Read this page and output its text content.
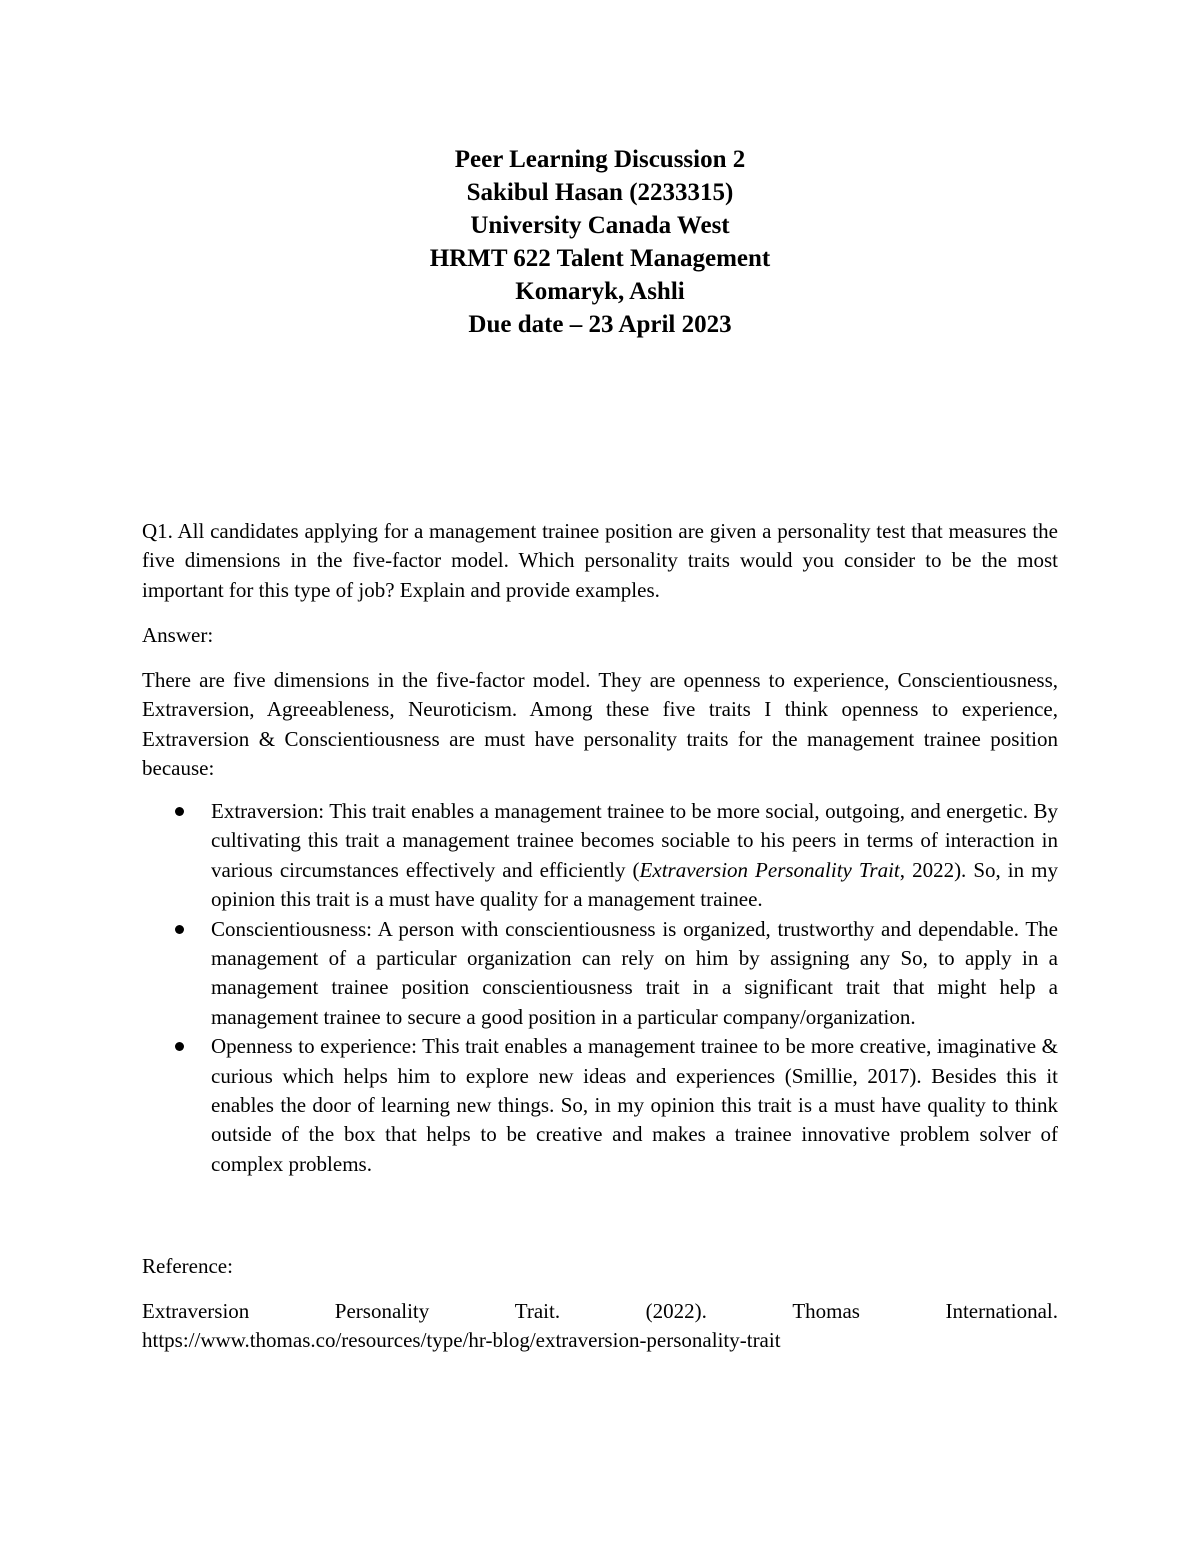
Peer Learning Discussion 2
Sakibul Hasan (2233315)
University Canada West
HRMT 622 Talent Management
Komaryk, Ashli
Due date – 23 April 2023
Q1. All candidates applying for a management trainee position are given a personality test that measures the five dimensions in the five-factor model. Which personality traits would you consider to be the most important for this type of job? Explain and provide examples.
Answer:
There are five dimensions in the five-factor model. They are openness to experience, Conscientiousness, Extraversion, Agreeableness, Neuroticism. Among these five traits I think openness to experience, Extraversion & Conscientiousness are must have personality traits for the management trainee position because:
Extraversion: This trait enables a management trainee to be more social, outgoing, and energetic. By cultivating this trait a management trainee becomes sociable to his peers in terms of interaction in various circumstances effectively and efficiently (Extraversion Personality Trait, 2022). So, in my opinion this trait is a must have quality for a management trainee.
Conscientiousness: A person with conscientiousness is organized, trustworthy and dependable. The management of a particular organization can rely on him by assigning any So, to apply in a management trainee position conscientiousness trait in a significant trait that might help a management trainee to secure a good position in a particular company/organization.
Openness to experience: This trait enables a management trainee to be more creative, imaginative & curious which helps him to explore new ideas and experiences (Smillie, 2017). Besides this it enables the door of learning new things. So, in my opinion this trait is a must have quality to think outside of the box that helps to be creative and makes a trainee innovative problem solver of complex problems.
Reference:
Extraversion	Personality	Trait.	(2022).	Thomas	International.
https://www.thomas.co/resources/type/hr-blog/extraversion-personality-trait
